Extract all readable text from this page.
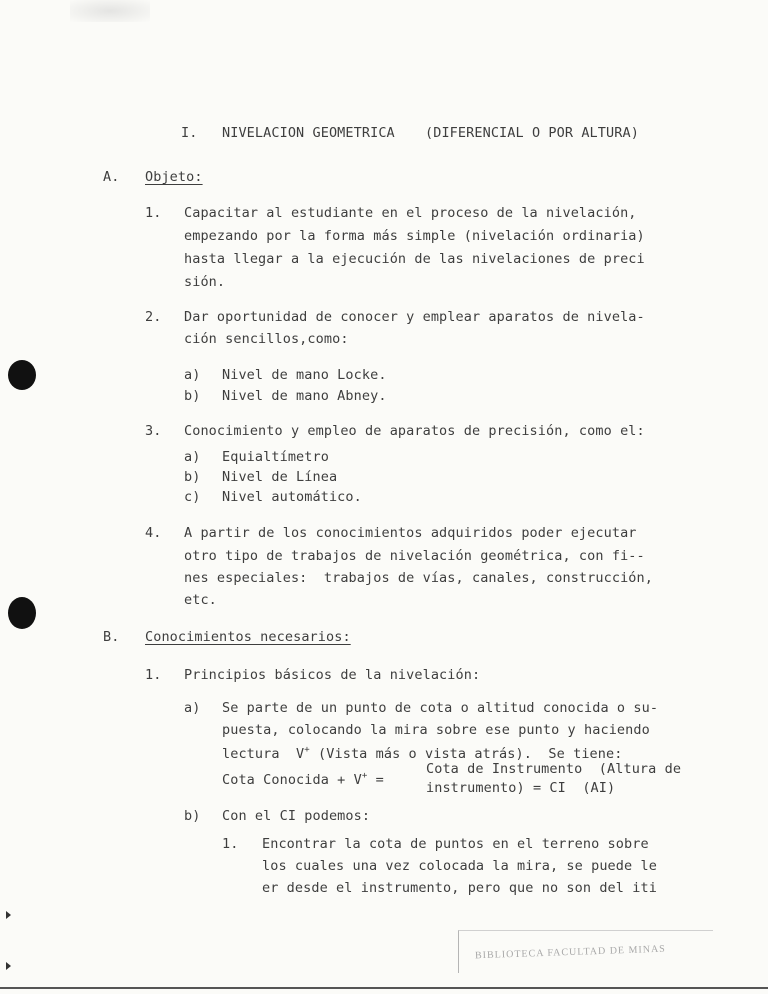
I. NIVELACION GEOMETRICA (DIFERENCIAL O POR ALTURA)
A. Objeto:
1. Capacitar al estudiante en el proceso de la nivelación,
empezando por la forma más simple (nivelación ordinaria)
hasta llegar a la ejecución de las nivelaciones de preci
sión.
2. Dar oportunidad de conocer y emplear aparatos de nivela-
ción sencillos,como:
a) Nivel de mano Locke.
b) Nivel de mano Abney.
3. Conocimiento y empleo de aparatos de precisión, como el:
a) Equialtímetro
b) Nivel de Línea
c) Nivel automático.
4. A partir de los conocimientos adquiridos poder ejecutar
otro tipo de trabajos de nivelación geométrica, con fi--
nes especiales:  trabajos de vías, canales, construcción,
etc.
B. Conocimientos necesarios:
1. Principios básicos de la nivelación:
a) Se parte de un punto de cota o altitud conocida o su-
puesta, colocando la mira sobre ese punto y haciendo
lectura  V+ (Vista más o vista atrás).  Se tiene:
Cota Conocida + V+ =
Cota de Instrumento  (Altura de
instrumento) = CI  (AI)
b) Con el CI podemos:
1. Encontrar la cota de puntos en el terreno sobre
los cuales una vez colocada la mira, se puede le
er desde el instrumento, pero que no son del iti
BIBLIOTECA FACULTAD DE MINAS
